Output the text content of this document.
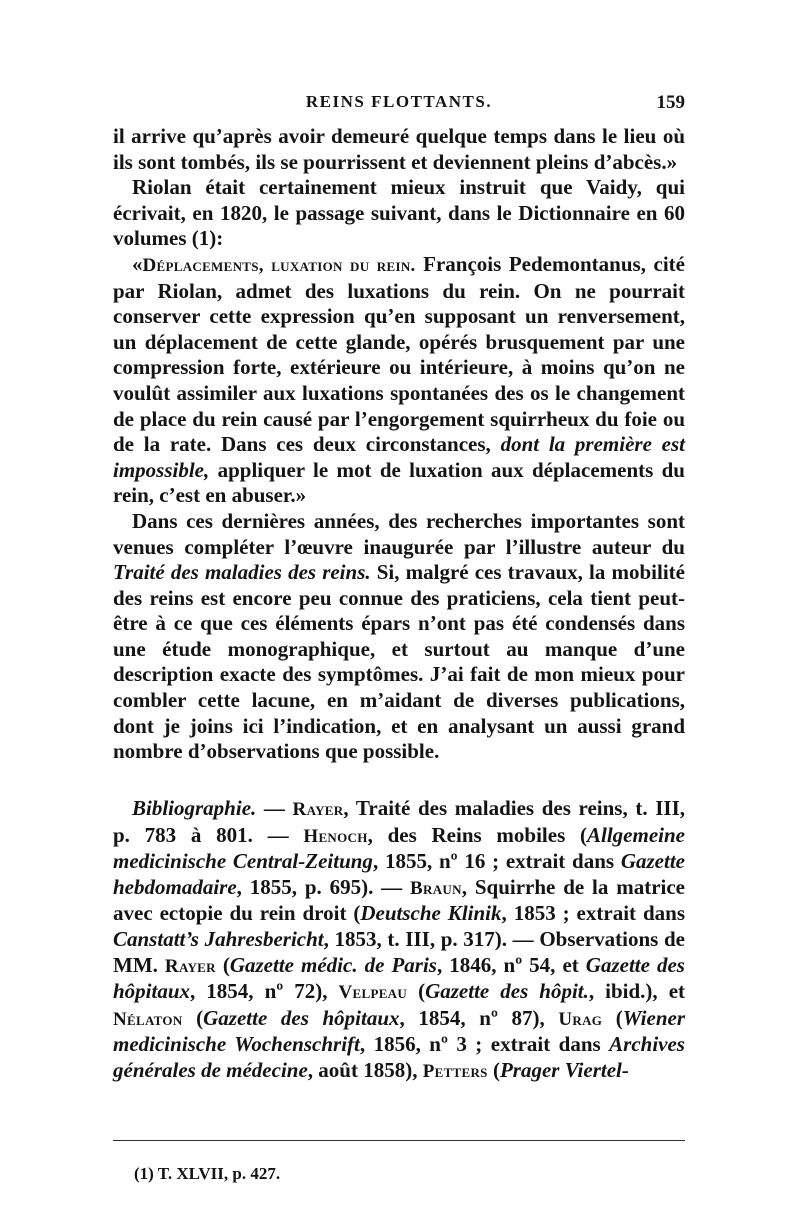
REINS FLOTTANTS.	159

il arrive qu’après avoir demeuré quelque temps dans le lieu où ils sont tombés, ils se pourrissent et deviennent pleins d’abcès.»

Riolan était certainement mieux instruit que Vaidy, qui écrivait, en 1820, le passage suivant, dans le Dictionnaire en 60 volumes (1):

«Déplacements, luxation du rein. François Pedemontanus, cité par Riolan, admet des luxations du rein. On ne pourrait conserver cette expression qu’en supposant un renversement, un déplacement de cette glande, opérés brusquement par une compression forte, extérieure ou intérieure, à moins qu’on ne voulût assimiler aux luxations spontanées des os le changement de place du rein causé par l’engorgement squirrheux du foie ou de la rate. Dans ces deux circonstances, dont la première est impossible, appliquer le mot de luxation aux déplacements du rein, c’est en abuser.»

Dans ces dernières années, des recherches importantes sont venues compléter l’œuvre inaugurée par l’illustre auteur du Traité des maladies des reins. Si, malgré ces travaux, la mobilité des reins est encore peu connue des praticiens, cela tient peut-être à ce que ces éléments épars n’ont pas été condensés dans une étude monographique, et surtout au manque d’une description exacte des symptômes. J’ai fait de mon mieux pour combler cette lacune, en m’aidant de diverses publications, dont je joins ici l’indication, et en analysant un aussi grand nombre d’observations que possible.

Bibliographie. — Rayer, Traité des maladies des reins, t. III, p. 783 à 801. — Henoch, des Reins mobiles (Allgemeine medicinische Central-Zeitung, 1855, nº 16 ; extrait dans Gazette hebdomadaire, 1855, p. 695). — Braun, Squirrhe de la matrice avec ectopie du rein droit (Deutsche Klinik, 1853 ; extrait dans Canstatt’s Jahresbericht, 1853, t. III, p. 317). — Observations de MM. Rayer (Gazette médic. de Paris, 1846, nº 54, et Gazette des hôpitaux, 1854, nº 72), Velpeau (Gazette des hôpit., ibid.), et Nélaton (Gazette des hôpitaux, 1854, nº 87), Urag (Wiener medicinische Wochenschrift, 1856, nº 3 ; extrait dans Archives générales de médecine, août 1858), Petters (Prager Viertel-
(1) T. XLVII, p. 427.
